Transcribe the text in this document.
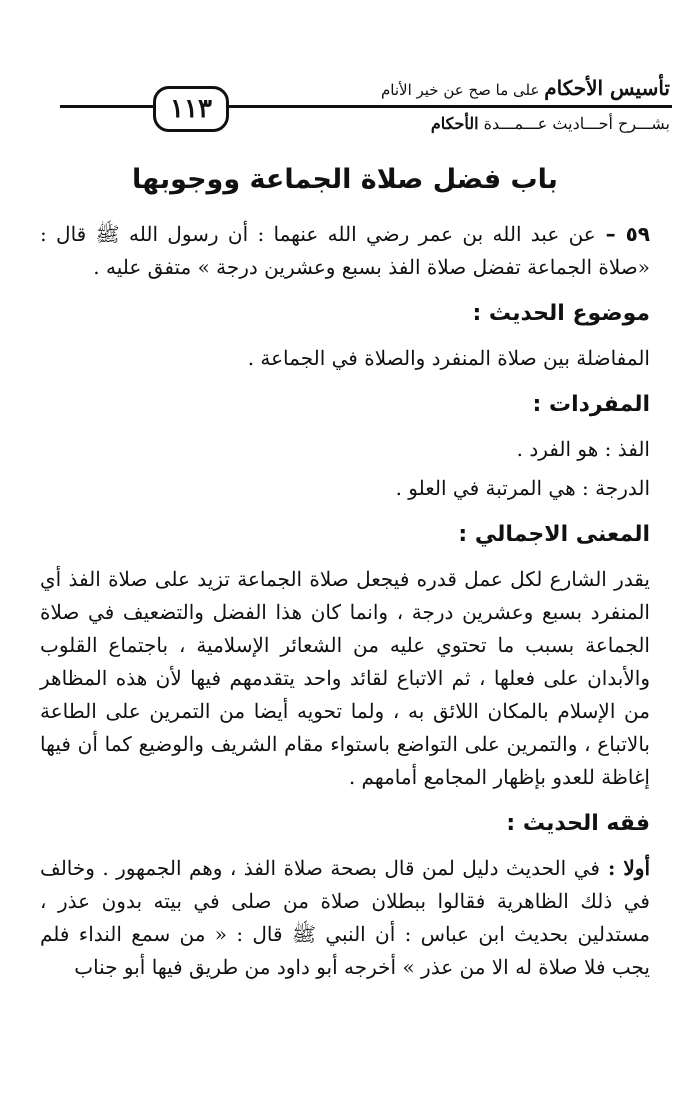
تأسيس الأحكام على ما صح عن خير الأنام
١١٣	بشـــرح أحـــاديث عـــمـــدة الأحكام
باب فضل صلاة الجماعة ووجوبها

٥٩ – عن عبد الله بن عمر رضي الله عنهما : أن رسول الله ﷺ قال : «صلاة الجماعة تفضل صلاة الفذ بسبع وعشرين درجة » متفق عليه .

موضوع الحديث :

المفاضلة بين صلاة المنفرد والصلاة في الجماعة .

المفردات :

الفذ : هو الفرد .

الدرجة : هي المرتبة في العلو .

المعنى الاجمالي :

يقدر الشارع لكل عمل قدره فيجعل صلاة الجماعة تزيد على صلاة الفذ أي المنفرد بسبع وعشرين درجة ، وانما كان هذا الفضل والتضعيف في صلاة الجماعة بسبب ما تحتوي عليه من الشعائر الإسلامية ، باجتماع القلوب والأبدان على فعلها ، ثم الاتباع لقائد واحد يتقدمهم فيها لأن هذه المظاهر من الإسلام بالمكان اللائق به ، ولما تحويه أيضا من التمرين على الطاعة بالاتباع ، والتمرين على التواضع باستواء مقام الشريف والوضيع كما أن فيها إغاظة للعدو بإظهار المجامع أمامهم .

فقه الحديث :

أولا : في الحديث دليل لمن قال بصحة صلاة الفذ ، وهم الجمهور . وخالف في ذلك الظاهرية فقالوا ببطلان صلاة من صلى في بيته بدون عذر ، مستدلين بحديث ابن عباس : أن النبي ﷺ قال : « من سمع النداء فلم يجب فلا صلاة له الا من عذر » أخرجه أبو داود من طريق فيها أبو جناب
